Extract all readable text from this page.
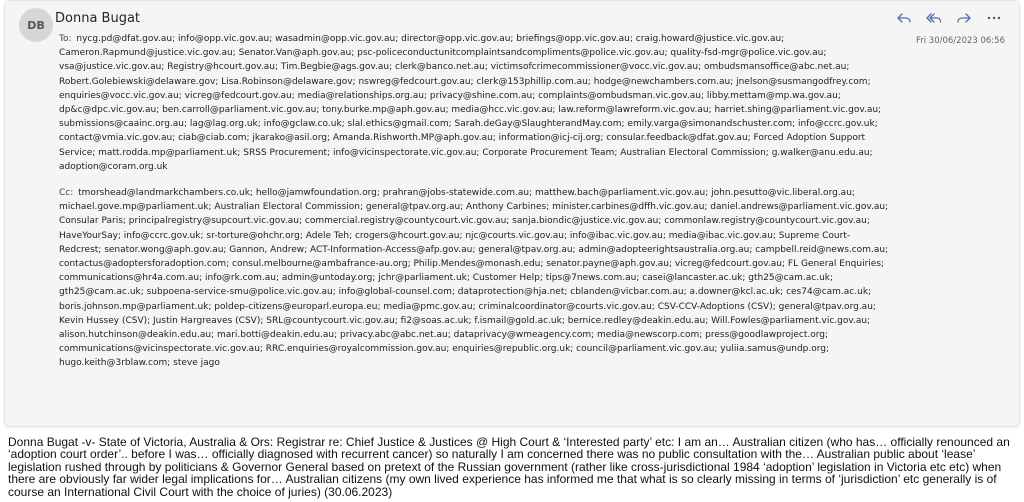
DB Donna Bugat
Fri 30/06/2023 06:56
To: nycg.pd@dfat.gov.au; info@opp.vic.gov.au; wasadmin@opp.vic.gov.au; director@opp.vic.gov.au; briefings@opp.vic.gov.au; craig.howard@justice.vic.gov.au; Cameron.Rapmund@justice.vic.gov.au; Senator.Van@aph.gov.au; psc-policeconductunitcomplaintsandcompliments@police.vic.gov.au; quality-fsd-mgr@police.vic.gov.au; vsa@justice.vic.gov.au; Registry@hcourt.gov.au; Tim.Begbie@ags.gov.au; clerk@banco.net.au; victimsofcrimecommissioner@vocc.vic.gov.au; ombudsmansoffice@abc.net.au; Robert.Golebiewski@delaware.gov; Lisa.Robinson@delaware.gov; nswreg@fedcourt.gov.au; clerk@153phillip.com.au; hodge@newchambers.com.au; jnelson@susmangodfrey.com; enquiries@vocc.vic.gov.au; vicreg@fedcourt.gov.au; media@relationships.org.au; privacy@shine.com.au; complaints@ombudsman.vic.gov.au; libby.mettam@mp.wa.gov.au; dp&c@dpc.vic.gov.au; ben.carroll@parliament.vic.gov.au; tony.burke.mp@aph.gov.au; media@hcc.vic.gov.au; law.reform@lawreform.vic.gov.au; harriet.shing@parliament.vic.gov.au; submissions@caainc.org.au; lag@lag.org.uk; info@gclaw.co.uk; slal.ethics@gmail.com; Sarah.deGay@SlaughterandMay.com; emily.varga@simonandschuster.com; info@ccrc.gov.uk; contact@vmia.vic.gov.au; ciab@ciab.com; jkarako@asil.org; Amanda.Rishworth.MP@aph.gov.au; information@icj-cij.org; consular.feedback@dfat.gov.au; Forced Adoption Support Service; matt.rodda.mp@parliament.uk; SRSS Procurement; info@vicinspectorate.vic.gov.au; Corporate Procurement Team; Australian Electoral Commission; g.walker@anu.edu.au; adoption@coram.org.uk
Cc: tmorshead@landmarkchambers.co.uk; hello@jamwfoundation.org; prahran@jobs-statewide.com.au; matthew.bach@parliament.vic.gov.au; john.pesutto@vic.liberal.org.au; michael.gove.mp@parliament.uk; Australian Electoral Commission; general@tpav.org.au; Anthony Carbines; minister.carbines@dffh.vic.gov.au; daniel.andrews@parliament.vic.gov.au; Consular Paris; principalregistry@supcourt.vic.gov.au; commercial.registry@countycourt.vic.gov.au; sanja.biondic@justice.vic.gov.au; commonlaw.registry@countycourt.vic.gov.au; HaveYourSay; info@ccrc.gov.uk; sr-torture@ohchr.org; Adele Teh; crogers@hcourt.gov.au; njc@courts.vic.gov.au; info@ibac.vic.gov.au; media@ibac.vic.gov.au; Supreme Court-Redcrest; senator.wong@aph.gov.au; Gannon, Andrew; ACT-Information-Access@afp.gov.au; general@tpav.org.au; admin@adopteerightsaustralia.org.au; campbell.reid@news.com.au; contactus@adoptersforadoption.com; consul.melbourne@ambafrance-au.org; Philip.Mendes@monash.edu; senator.payne@aph.gov.au; vicreg@fedcourt.gov.au; FL General Enquiries; communications@hr4a.com.au; info@rk.com.au; admin@untoday.org; jchr@parliament.uk; Customer Help; tips@7news.com.au; casei@lancaster.ac.uk; gth25@cam.ac.uk; gth25@cam.ac.uk; subpoena-service-smu@police.vic.gov.au; info@global-counsel.com; dataprotection@hja.net; cblanden@vicbar.com.au; a.downer@kcl.ac.uk; ces74@cam.ac.uk; boris.johnson.mp@parliament.uk; poldep-citizens@europarl.europa.eu; media@pmc.gov.au; criminalcoordinator@courts.vic.gov.au; CSV-CCV-Adoptions (CSV); general@tpav.org.au; Kevin Hussey (CSV); Justin Hargreaves (CSV); SRL@countycourt.vic.gov.au; fi2@soas.ac.uk; f.ismail@gold.ac.uk; bernice.redley@deakin.edu.au; Will.Fowles@parliament.vic.gov.au; alison.hutchinson@deakin.edu.au; mari.botti@deakin.edu.au; privacy.abc@abc.net.au; dataprivacy@wmeagency.com; media@newscorp.com; press@goodlawproject.org; communications@vicinspectorate.vic.gov.au; RRC.enquiries@royalcommission.gov.au; enquiries@republic.org.uk; council@parliament.vic.gov.au; yuliia.samus@undp.org; hugo.keith@3rblaw.com; steve jago
Donna Bugat -v- State of Victoria, Australia & Ors: Registrar re: Chief Justice & Justices @ High Court & ‘Interested party’ etc: I am an… Australian citizen (who has… officially renounced an ‘adoption court order’.. before I was… officially diagnosed with recurrent cancer) so naturally I am concerned there was no public consultation with the… Australian public about ‘lease’ legislation rushed through by politicians & Governor General based on pretext of the Russian government (rather like cross-jurisdictional 1984 ‘adoption’ legislation in Victoria etc etc) when there are obviously far wider legal implications for… Australian citizens (my own lived experience has informed me that what is so clearly missing in terms of ‘jurisdiction’ etc generally is of course an International Civil Court with the choice of juries) (30.06.2023)
